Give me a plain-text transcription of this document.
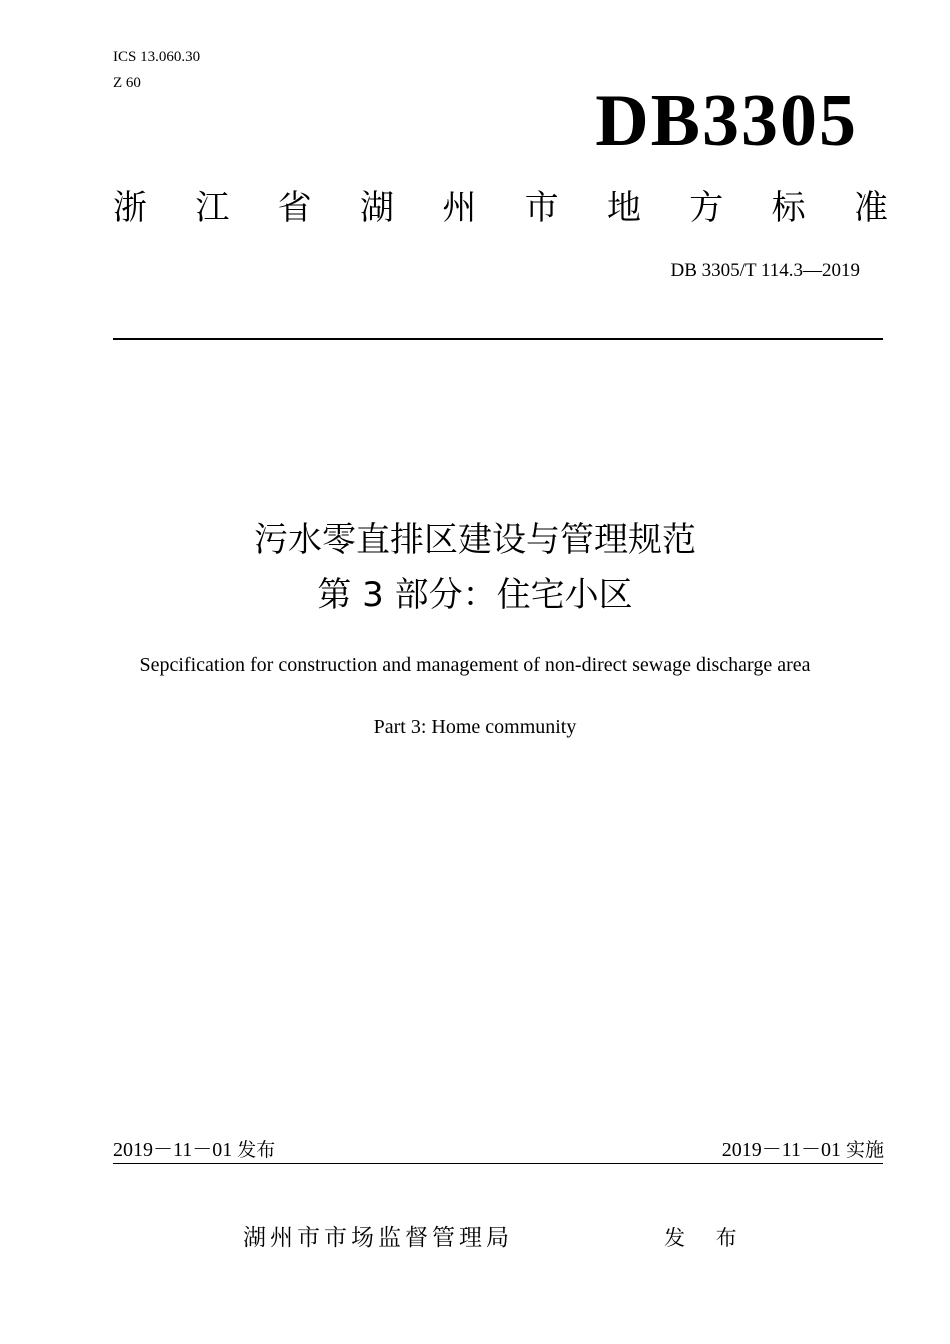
ICS 13.060.30
Z 60	DB3305
浙 江 省 湖 州 市 地 方 标 准
DB 3305/T 114.3—2019
污水零直排区建设与管理规范
第 3 部分：住宅小区
Sepcification for construction and management of non-direct sewage discharge area
Part 3: Home community
2019－11－01 发布	2019－11－01 实施
湖州市市场监督管理局	发 布
